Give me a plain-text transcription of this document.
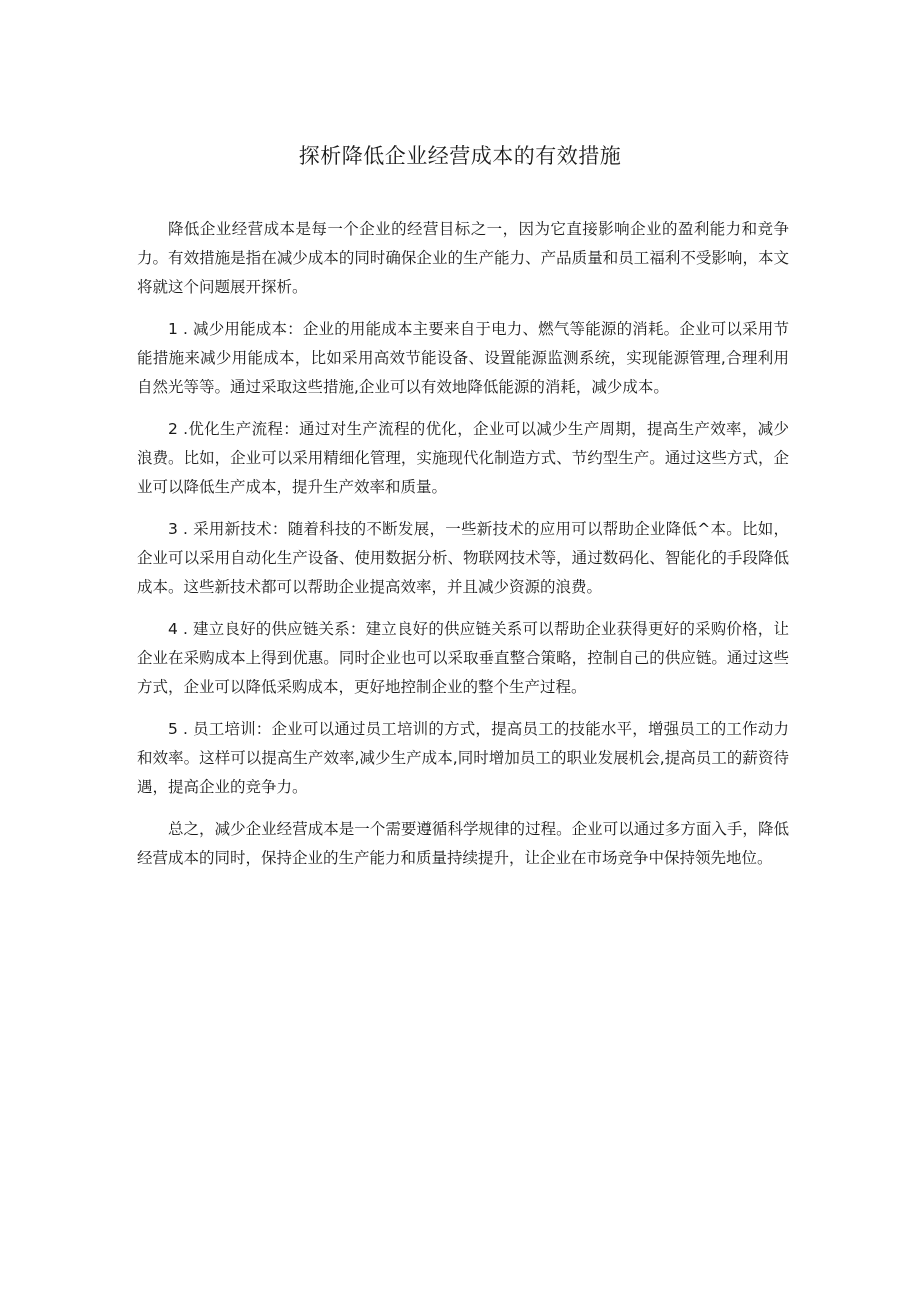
探析降低企业经营成本的有效措施

降低企业经营成本是每一个企业的经营目标之一，因为它直接影响企业的盈利能力和竞争力。有效措施是指在减少成本的同时确保企业的生产能力、产品质量和员工福利不受影响，本文将就这个问题展开探析。

1 . 减少用能成本：企业的用能成本主要来自于电力、燃气等能源的消耗。企业可以采用节能措施来减少用能成本，比如采用高效节能设备、设置能源监测系统，实现能源管理,合理利用自然光等等。通过采取这些措施,企业可以有效地降低能源的消耗，减少成本。

2 .优化生产流程：通过对生产流程的优化，企业可以减少生产周期，提高生产效率，减少浪费。比如，企业可以采用精细化管理，实施现代化制造方式、节约型生产。通过这些方式，企业可以降低生产成本，提升生产效率和质量。

3 . 采用新技术：随着科技的不断发展，一些新技术的应用可以帮助企业降低^本。比如，企业可以采用自动化生产设备、使用数据分析、物联网技术等，通过数码化、智能化的手段降低成本。这些新技术都可以帮助企业提高效率，并且减少资源的浪费。

4 . 建立良好的供应链关系：建立良好的供应链关系可以帮助企业获得更好的采购价格，让企业在采购成本上得到优惠。同时企业也可以采取垂直整合策略，控制自己的供应链。通过这些方式，企业可以降低采购成本，更好地控制企业的整个生产过程。

5 . 员工培训：企业可以通过员工培训的方式，提高员工的技能水平，增强员工的工作动力和效率。这样可以提高生产效率,减少生产成本,同时增加员工的职业发展机会,提高员工的薪资待遇，提高企业的竞争力。

总之，减少企业经营成本是一个需要遵循科学规律的过程。企业可以通过多方面入手，降低经营成本的同时，保持企业的生产能力和质量持续提升，让企业在市场竞争中保持领先地位。
